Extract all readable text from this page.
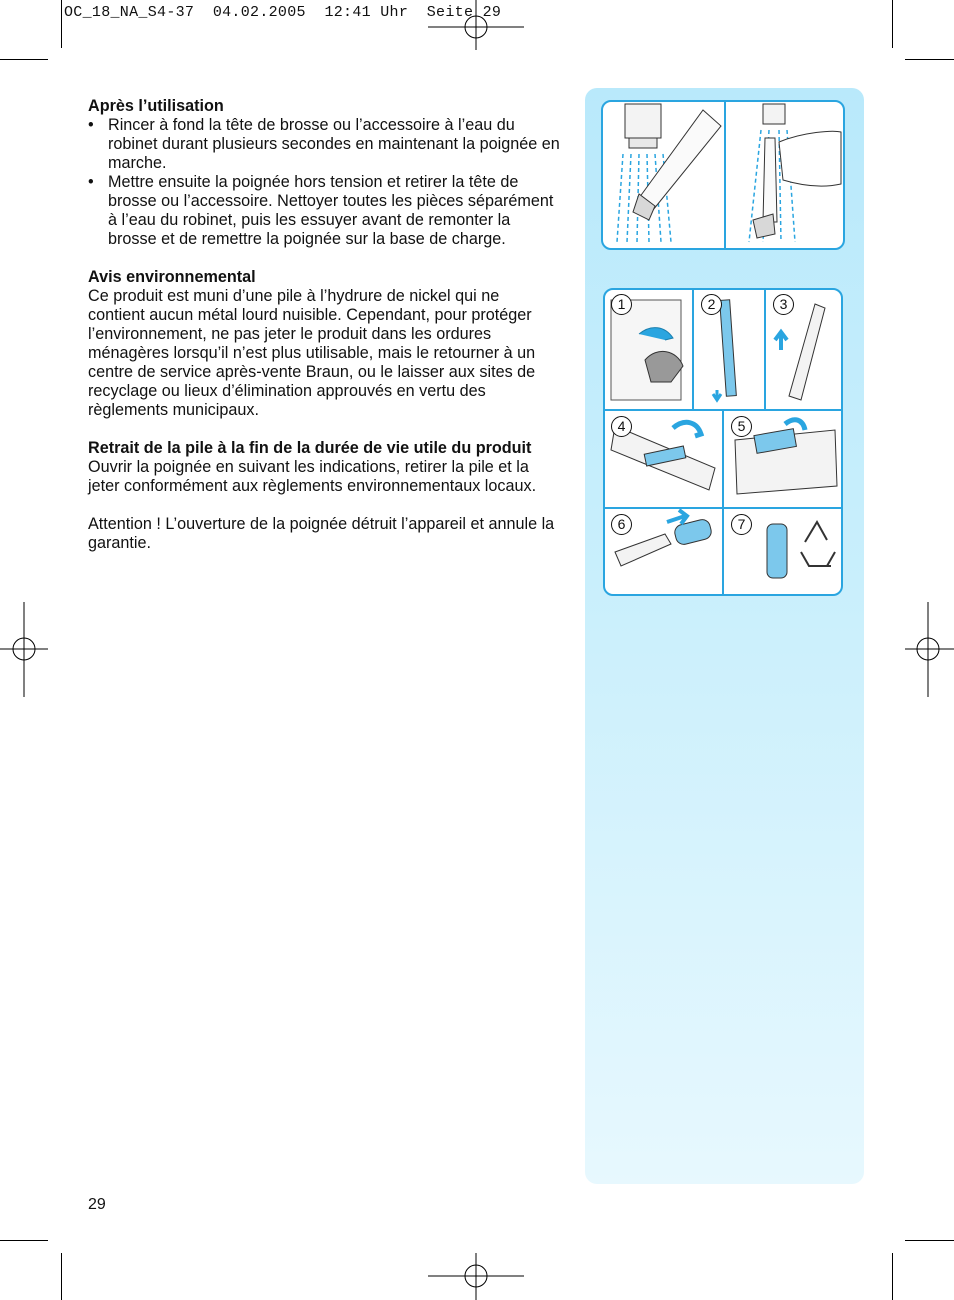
OC_18_NA_S4-37  04.02.2005  12:41 Uhr  Seite 29
Après l’utilisation
• Rincer à fond la tête de brosse ou l’accessoire à l’eau du robinet durant plusieurs secondes en maintenant la poignée en marche.
• Mettre ensuite la poignée hors tension et retirer la tête de brosse ou l’accessoire. Nettoyer toutes les pièces séparément à l’eau du robinet, puis les essuyer avant de remonter la brosse et de remettre la poignée sur la base de charge.
Avis environnemental

Ce produit est muni d’une pile à l’hydrure de nickel qui ne contient aucun métal lourd nuisible. Cependant, pour protéger l’environnement, ne pas jeter le produit dans les ordures ménagères lorsqu’il n’est plus utilisable, mais le retourner à un centre de service après-vente Braun, ou le laisser aux sites de recyclage ou lieux d’élimination approuvés en vertu des règlements municipaux.

Retrait de la pile à la fin de la durée de vie utile du produit

Ouvrir la poignée en suivant les indications, retirer la pile et la jeter conformément aux règlements environnementaux locaux.

Attention ! L’ouverture de la poignée détruit l’appareil et annule la garantie.

29
1	2	3
4	5
6	7
